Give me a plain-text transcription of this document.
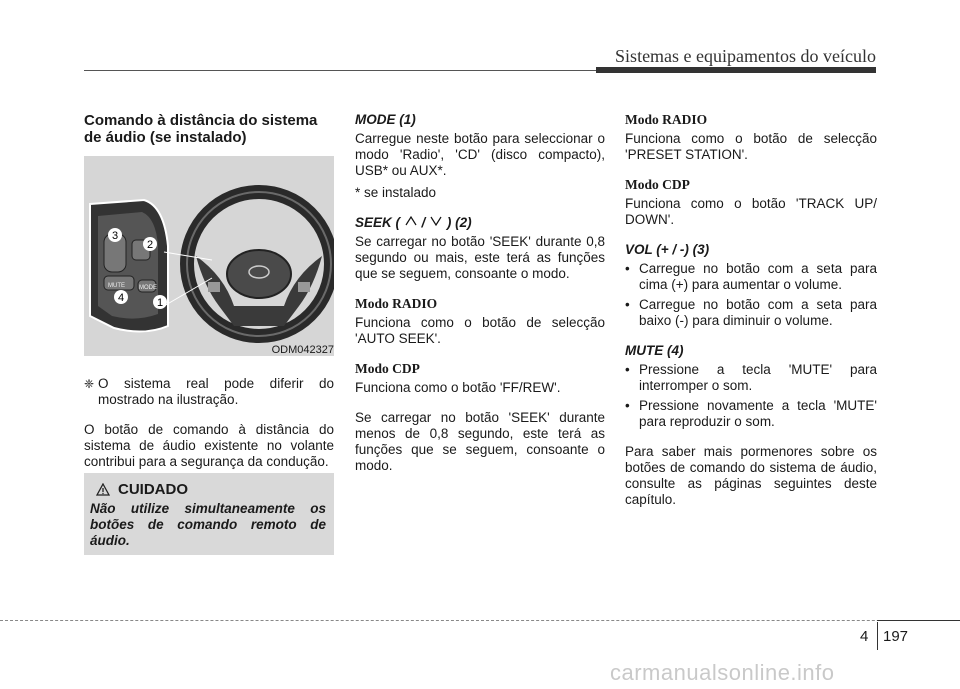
Sistemas e equipamentos do veículo
Comando à distância do sistema de áudio (se instalado)
MUTE MODE
3
2
4	1
ODM042327
❈ O sistema real pode diferir do mostrado na ilustração.

O botão de comando à distância do sistema de áudio existente no volante contribui para a segurança da condução.

CUIDADO
Não utilize simultaneamente os botões de comando remoto de áudio.

MODE (1)

Carregue neste botão para seleccionar o modo 'Radio', 'CD' (disco compacto), USB* ou AUX*.

* se instalado

SEEK ( / ) (2)

Se carregar no botão 'SEEK' durante 0,8 segundo ou mais, este terá as funções que se seguem, consoante o modo.

Modo RADIO

Funciona como o botão de selecção 'AUTO SEEK'.

Modo CDP

Funciona como o botão 'FF/REW'.

Se carregar no botão 'SEEK' durante menos de 0,8 segundo, este terá as funções que se seguem, consoante o modo.

Modo RADIO

Funciona como o botão de selecção 'PRESET STATION'.

Modo CDP

Funciona como o botão 'TRACK UP/ DOWN'.

VOL (+ / -) (3)

• Carregue no botão com a seta para cima (+) para aumentar o volume.
• Carregue no botão com a seta para baixo (-) para diminuir o volume.

MUTE (4)

• Pressione a tecla 'MUTE' para interromper o som.
• Pressione novamente a tecla 'MUTE' para reproduzir o som.

Para saber mais pormenores sobre os botões de comando do sistema de áudio, consulte as páginas seguintes deste capítulo.

4 197
carmanualsonline.info
